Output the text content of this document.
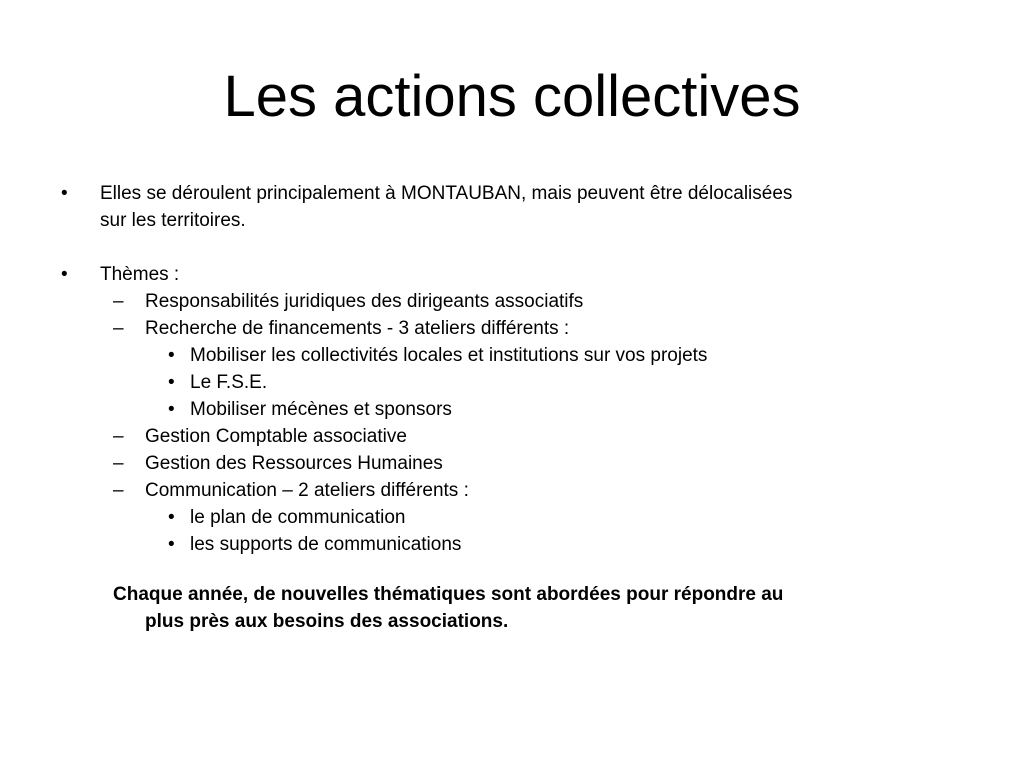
Les actions collectives
• Elles se déroulent principalement à MONTAUBAN, mais peuvent être délocalisées
sur les territoires.
• Thèmes :
– Responsabilités juridiques des dirigeants associatifs
– Recherche de financements - 3 ateliers différents :
• Mobiliser les collectivités locales et institutions sur vos projets
• Le F.S.E.
• Mobiliser mécènes et sponsors
– Gestion Comptable associative
– Gestion des Ressources Humaines
– Communication – 2 ateliers différents :
• le plan de communication
• les supports de communications
Chaque année, de nouvelles thématiques sont abordées pour répondre au
plus près aux besoins des associations.
